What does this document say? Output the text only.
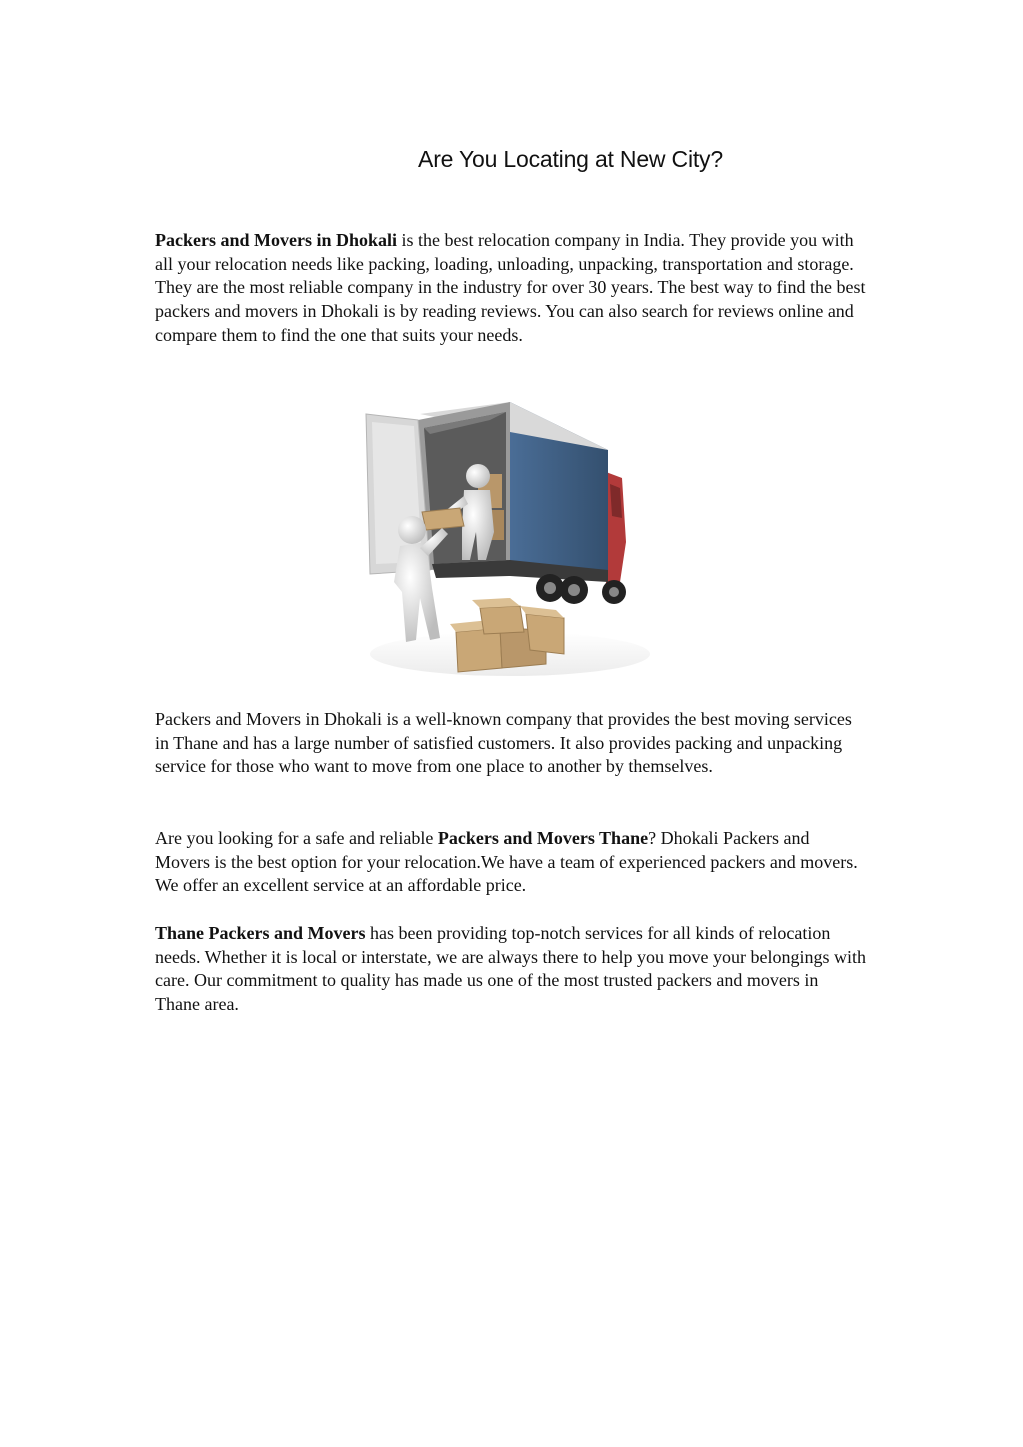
Are You Locating at New City?

Packers and Movers in Dhokali is the best relocation company in India. They provide you with all your relocation needs like packing, loading, unloading, unpacking, transportation and storage. They are the most reliable company in the industry for over 30 years. The best way to find the best packers and movers in Dhokali is by reading reviews. You can also search for reviews online and compare them to find the one that suits your needs.

Packers and Movers in Dhokali is a well-known company that provides the best moving services in Thane and has a large number of satisfied customers. It also provides packing and unpacking service for those who want to move from one place to another by themselves.

Are you looking for a safe and reliable Packers and Movers Thane? Dhokali Packers and Movers is the best option for your relocation.We have a team of experienced packers and movers. We offer an excellent service at an affordable price.

Thane Packers and Movers has been providing top-notch services for all kinds of relocation needs. Whether it is local or interstate, we are always there to help you move your belongings with care. Our commitment to quality has made us one of the most trusted packers and movers in Thane area.
